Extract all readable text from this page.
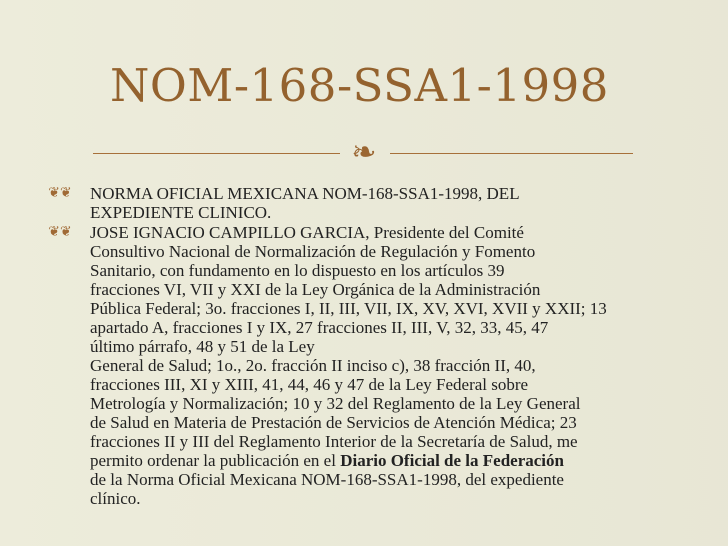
NOM-168-SSA1-1998
❧
❦❦	NORMA OFICIAL MEXICANA NOM-168-SSA1-1998, DEL
EXPEDIENTE CLINICO.
❦❦	JOSE IGNACIO CAMPILLO GARCIA, Presidente del Comité
Consultivo Nacional de Normalización de Regulación y Fomento
Sanitario, con fundamento en lo dispuesto en los artículos 39
fracciones VI, VII y XXI de la Ley Orgánica de la Administración
Pública Federal; 3o. fracciones I, II, III, VII, IX, XV, XVI, XVII y XXII; 13
apartado A, fracciones I y IX, 27 fracciones II, III, V, 32, 33, 45, 47
último párrafo, 48 y 51 de la Ley
General de Salud; 1o., 2o. fracción II inciso c), 38 fracción II, 40,
fracciones III, XI y XIII, 41, 44, 46 y 47 de la Ley Federal sobre
Metrología y Normalización; 10 y 32 del Reglamento de la Ley General
de Salud en Materia de Prestación de Servicios de Atención Médica; 23
fracciones II y III del Reglamento Interior de la Secretaría de Salud, me
permito ordenar la publicación en el Diario Oficial de la Federación
de la Norma Oficial Mexicana NOM-168-SSA1-1998, del expediente
clínico.
